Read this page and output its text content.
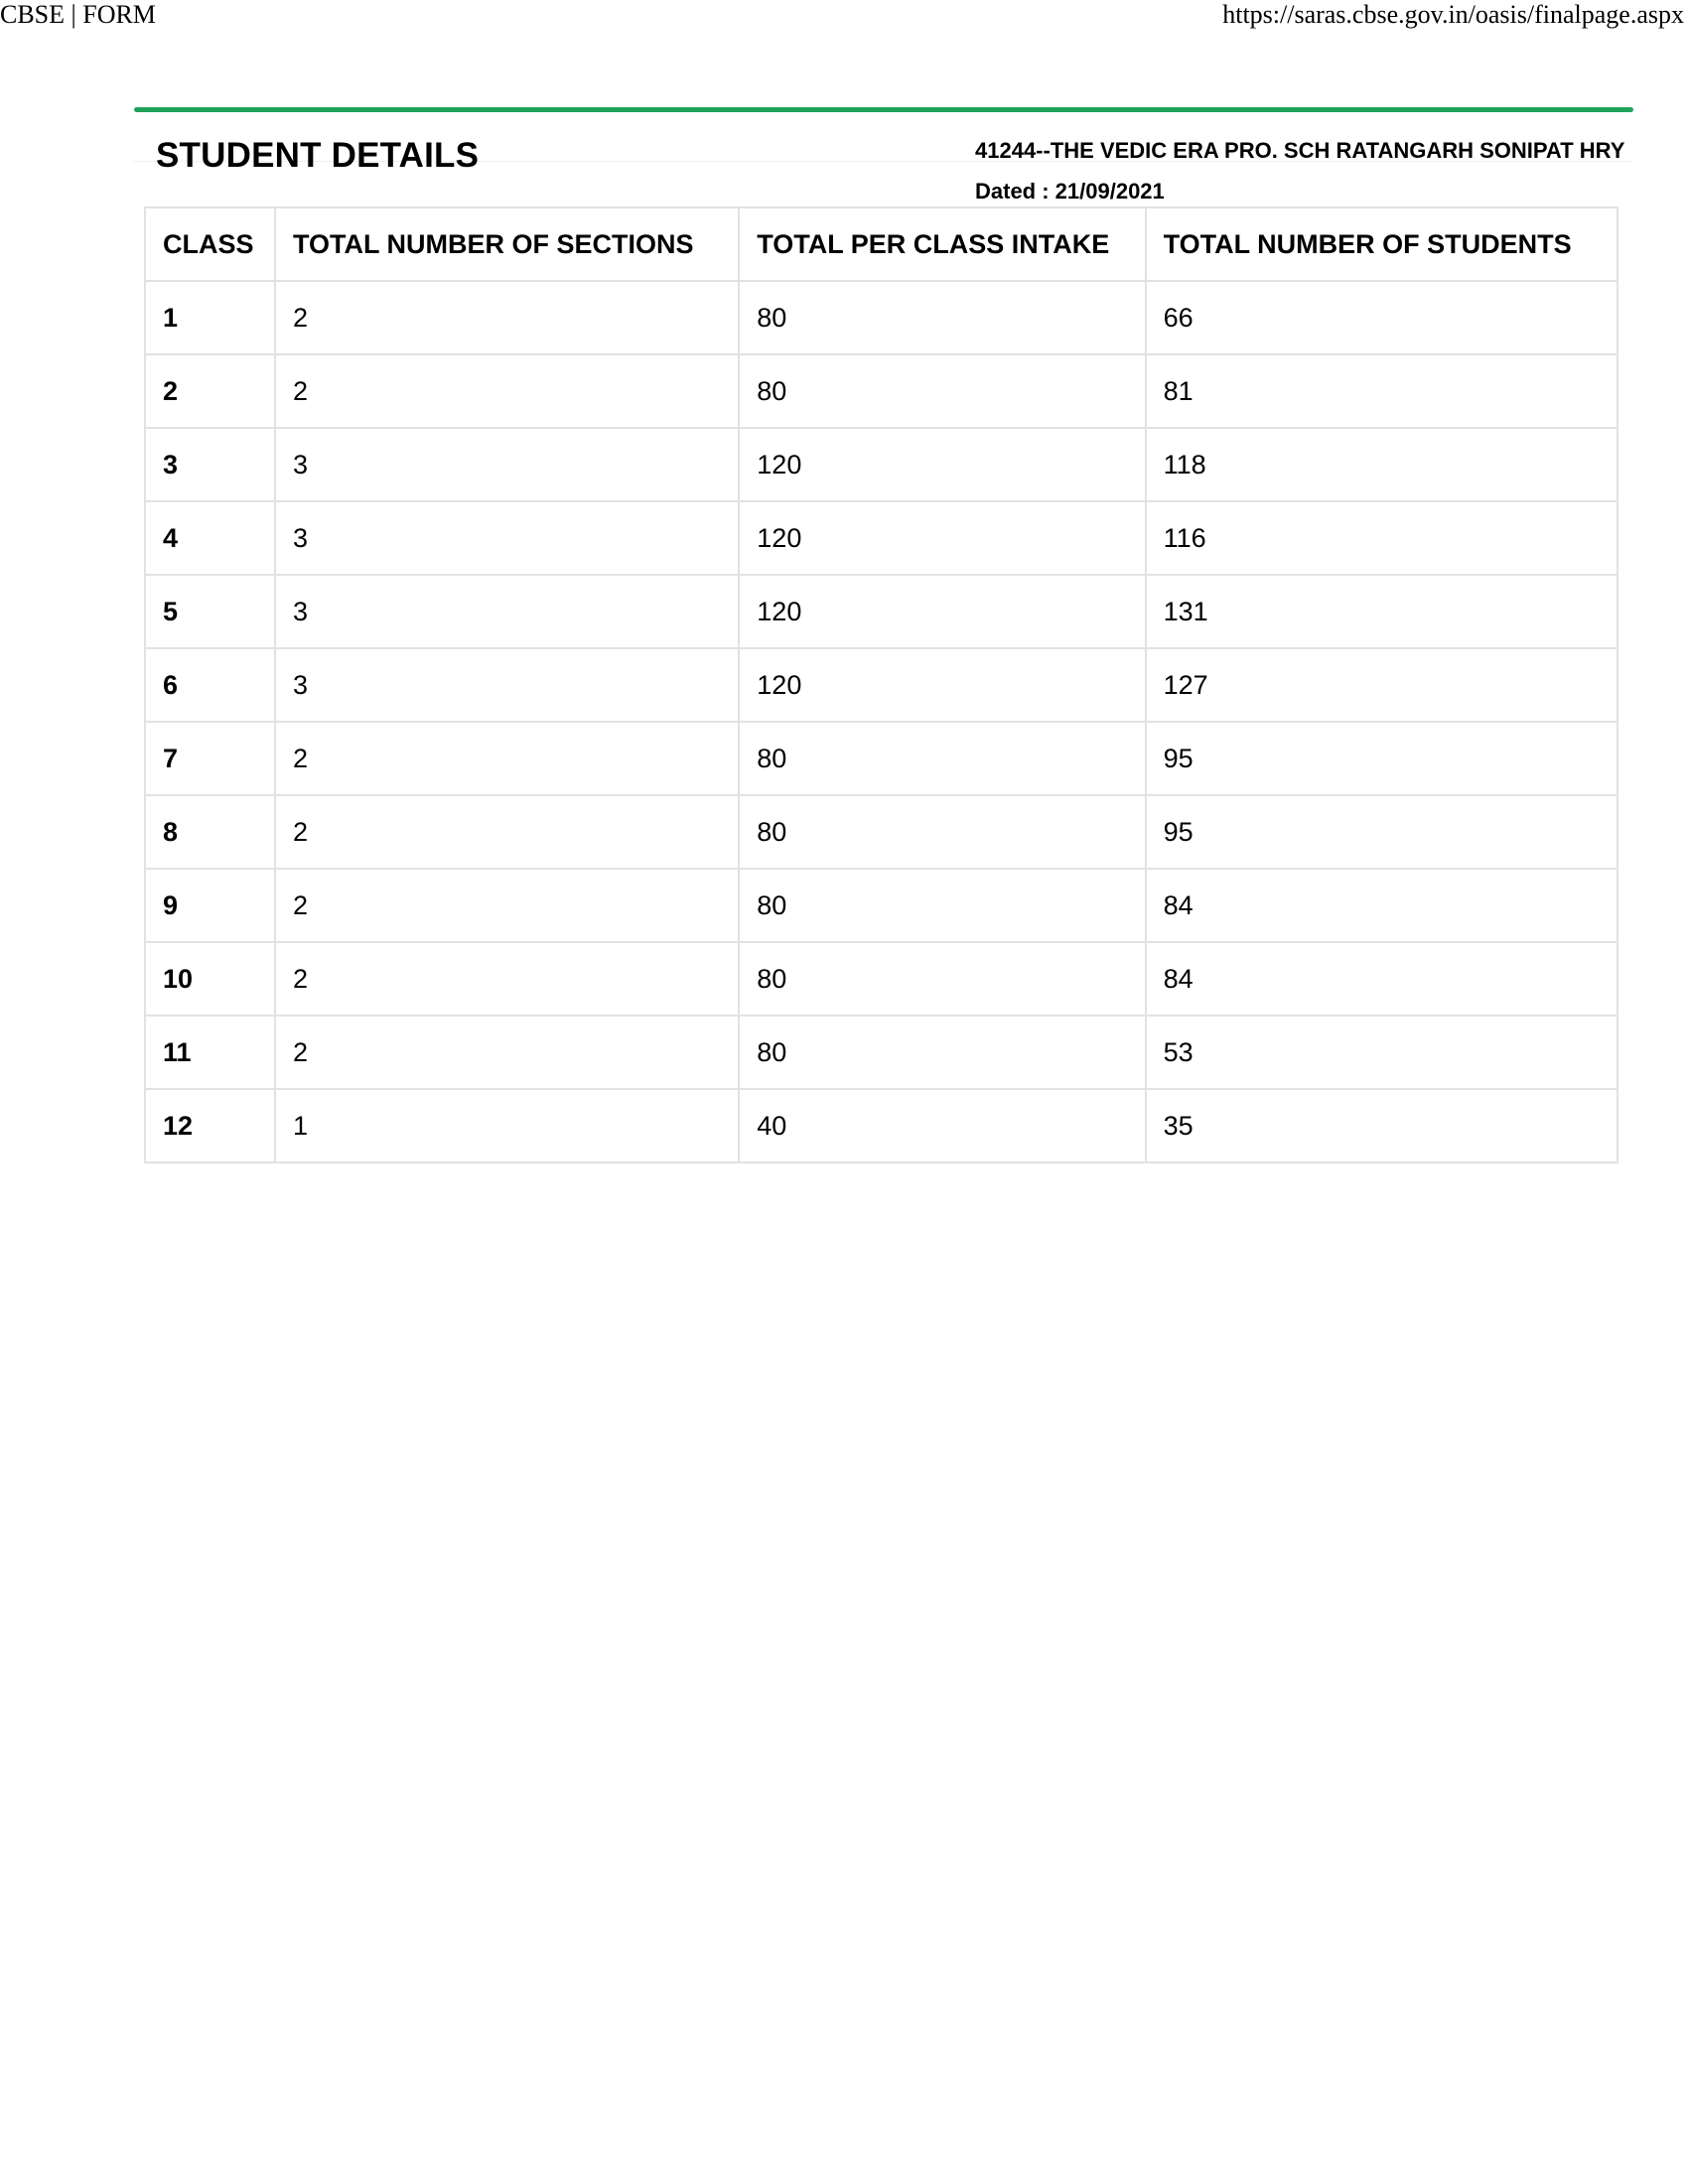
CBSE | FORM	https://saras.cbse.gov.in/oasis/finalpage.aspx
STUDENT DETAILS	41244--THE VEDIC ERA PRO. SCH RATANGARH SONIPAT HRY
Dated : 21/09/2021
CLASS	TOTAL NUMBER OF SECTIONS	TOTAL PER CLASS INTAKE	TOTAL NUMBER OF STUDENTS
1	2	80	66
2	2	80	81
3	3	120	118
4	3	120	116
5	3	120	131
6	3	120	127
7	2	80	95
8	2	80	95
9	2	80	84
10	2	80	84
11	2	80	53
12	1	40	35
